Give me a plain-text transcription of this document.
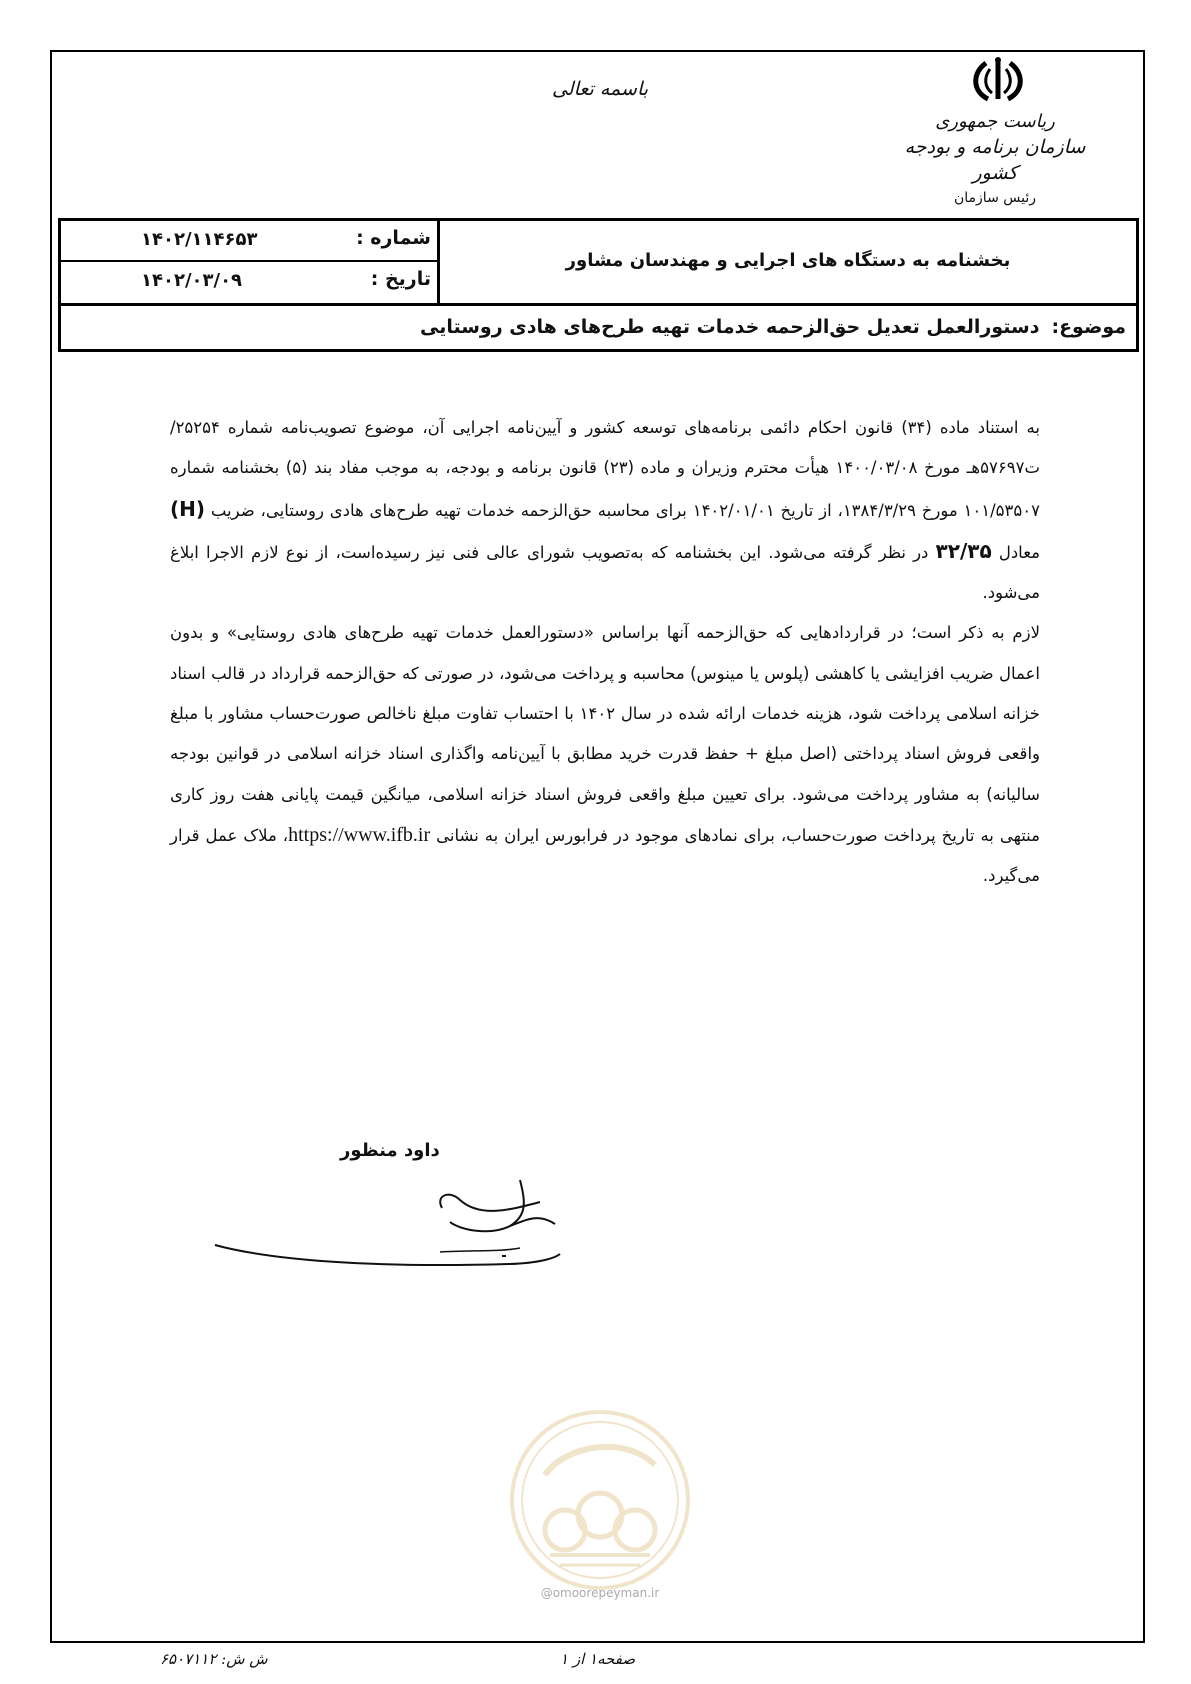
باسمه تعالی
ریاست جمهوری
سازمان برنامه و بودجه کشور
رئیس سازمان
شماره :
۱۴۰۲/۱۱۴۶۵۳
تاریخ :
۱۴۰۲/۰۳/۰۹
بخشنامه به دستگاه های اجرایی و مهندسان مشاور
موضوع:دستورالعمل تعدیل حق‌الزحمه خدمات تهیه طرح‌های هادی روستایی

به استناد ماده (۳۴) قانون احکام دائمی برنامه‌های توسعه کشور و آیین‌نامه اجرایی آن، موضوع تصویب‌نامه شماره ۲۵۲۵۴/ت۵۷۶۹۷هـ مورخ ۱۴۰۰/۰۳/۰۸ هیأت محترم وزیران و ماده (۲۳) قانون برنامه و بودجه، به موجب مفاد بند (۵) بخشنامه شماره ۱۰۱/۵۳۵۰۷ مورخ ۱۳۸۴/۳/۲۹، از تاریخ ۱۴۰۲/۰۱/۰۱ برای محاسبه حق‌الزحمه خدمات تهیه طرح‌های هادی روستایی، ضریب (H) معادل ۳۲/۳۵ در نظر گرفته می‌شود. این بخشنامه که به‌تصویب شورای عالی فنی نیز رسیده‌است، از نوع لازم الاجرا ابلاغ می‌شود.

لازم به ذکر است؛ در قراردادهایی که حق‌الزحمه آنها براساس «دستورالعمل خدمات تهیه طرح‌های هادی روستایی» و بدون اعمال ضریب افزایشی یا کاهشی (پلوس یا مینوس) محاسبه و پرداخت می‌شود، در صورتی که حق‌الزحمه قرارداد در قالب اسناد خزانه اسلامی پرداخت شود، هزینه خدمات ارائه شده در سال ۱۴۰۲ با احتساب تفاوت مبلغ ناخالص صورت‌حساب مشاور با مبلغ واقعی فروش اسناد پرداختی (اصل مبلغ + حفظ قدرت خرید مطابق با آیین‌نامه واگذاری اسناد خزانه اسلامی در قوانین بودجه سالیانه) به مشاور پرداخت می‌شود. برای تعیین مبلغ واقعی فروش اسناد خزانه اسلامی، میانگین قیمت پایانی هفت روز کاری منتهی به تاریخ پرداخت صورت‌حساب، برای نمادهای موجود در فرابورس ایران به نشانی https://www.ifb.ir، ملاک عمل قرار می‌گیرد.

داود منظور
@omoorepeyman.ir
ش ش: ۶۵۰۷۱۱۲	صفحه۱ از ۱
